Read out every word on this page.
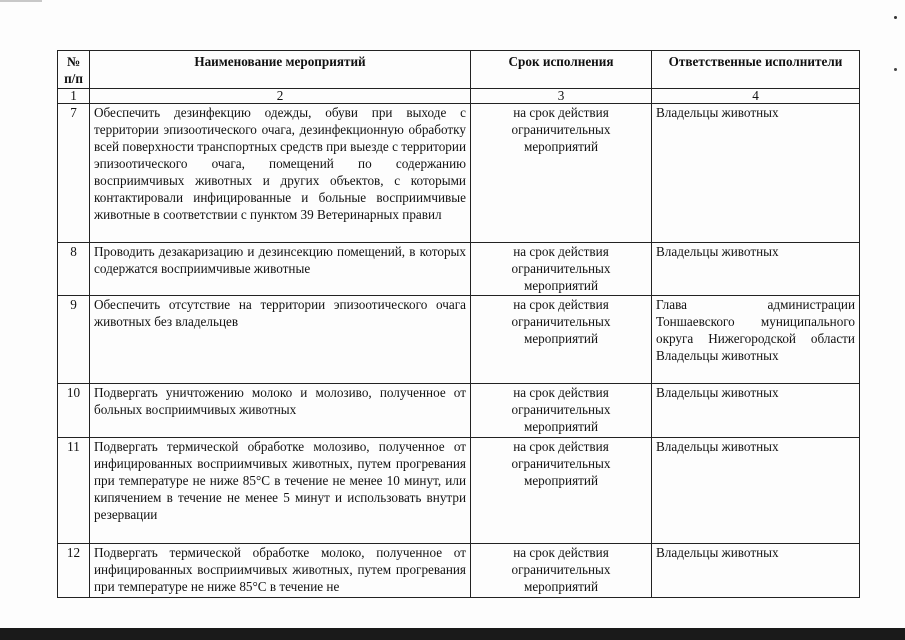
№ п/п	Наименование мероприятий	Срок исполнения	Ответственные исполнители
1	2	3	4
7	Обеспечить дезинфекцию одежды, обуви при выходе с территории эпизоотического очага, дезинфекционную обработку всей поверхности транспортных средств при выезде с территории эпизоотического очага, помещений по содержанию восприимчивых животных и других объектов, с которыми контактировали инфицированные и больные восприимчивые животные в соответствии с пунктом 39 Ветеринарных правил	на срок действия ограничительных мероприятий	Владельцы животных
8	Проводить дезакаризацию и дезинсекцию помещений, в которых содержатся восприимчивые животные	на срок действия ограничительных мероприятий	Владельцы животных
9	Обеспечить отсутствие на территории эпизоотического очага животных без владельцев	на срок действия ограничительных мероприятий	Глава администрации Тоншаевского муниципального округа Нижегородской области Владельцы животных
10	Подвергать уничтожению молоко и молозиво, полученное от больных восприимчивых животных	на срок действия ограничительных мероприятий	Владельцы животных
11	Подвергать термической обработке молозиво, полученное от инфицированных восприимчивых животных, путем прогревания при температуре не ниже 85°С в течение не менее 10 минут, или кипячением в течение не менее 5 минут и использовать внутри резервации	на срок действия ограничительных мероприятий	Владельцы животных
12	Подвергать термической обработке молоко, полученное от инфицированных восприимчивых животных, путем прогревания при температуре не ниже 85°С в течение не	на срок действия ограничительных мероприятий	Владельцы животных
